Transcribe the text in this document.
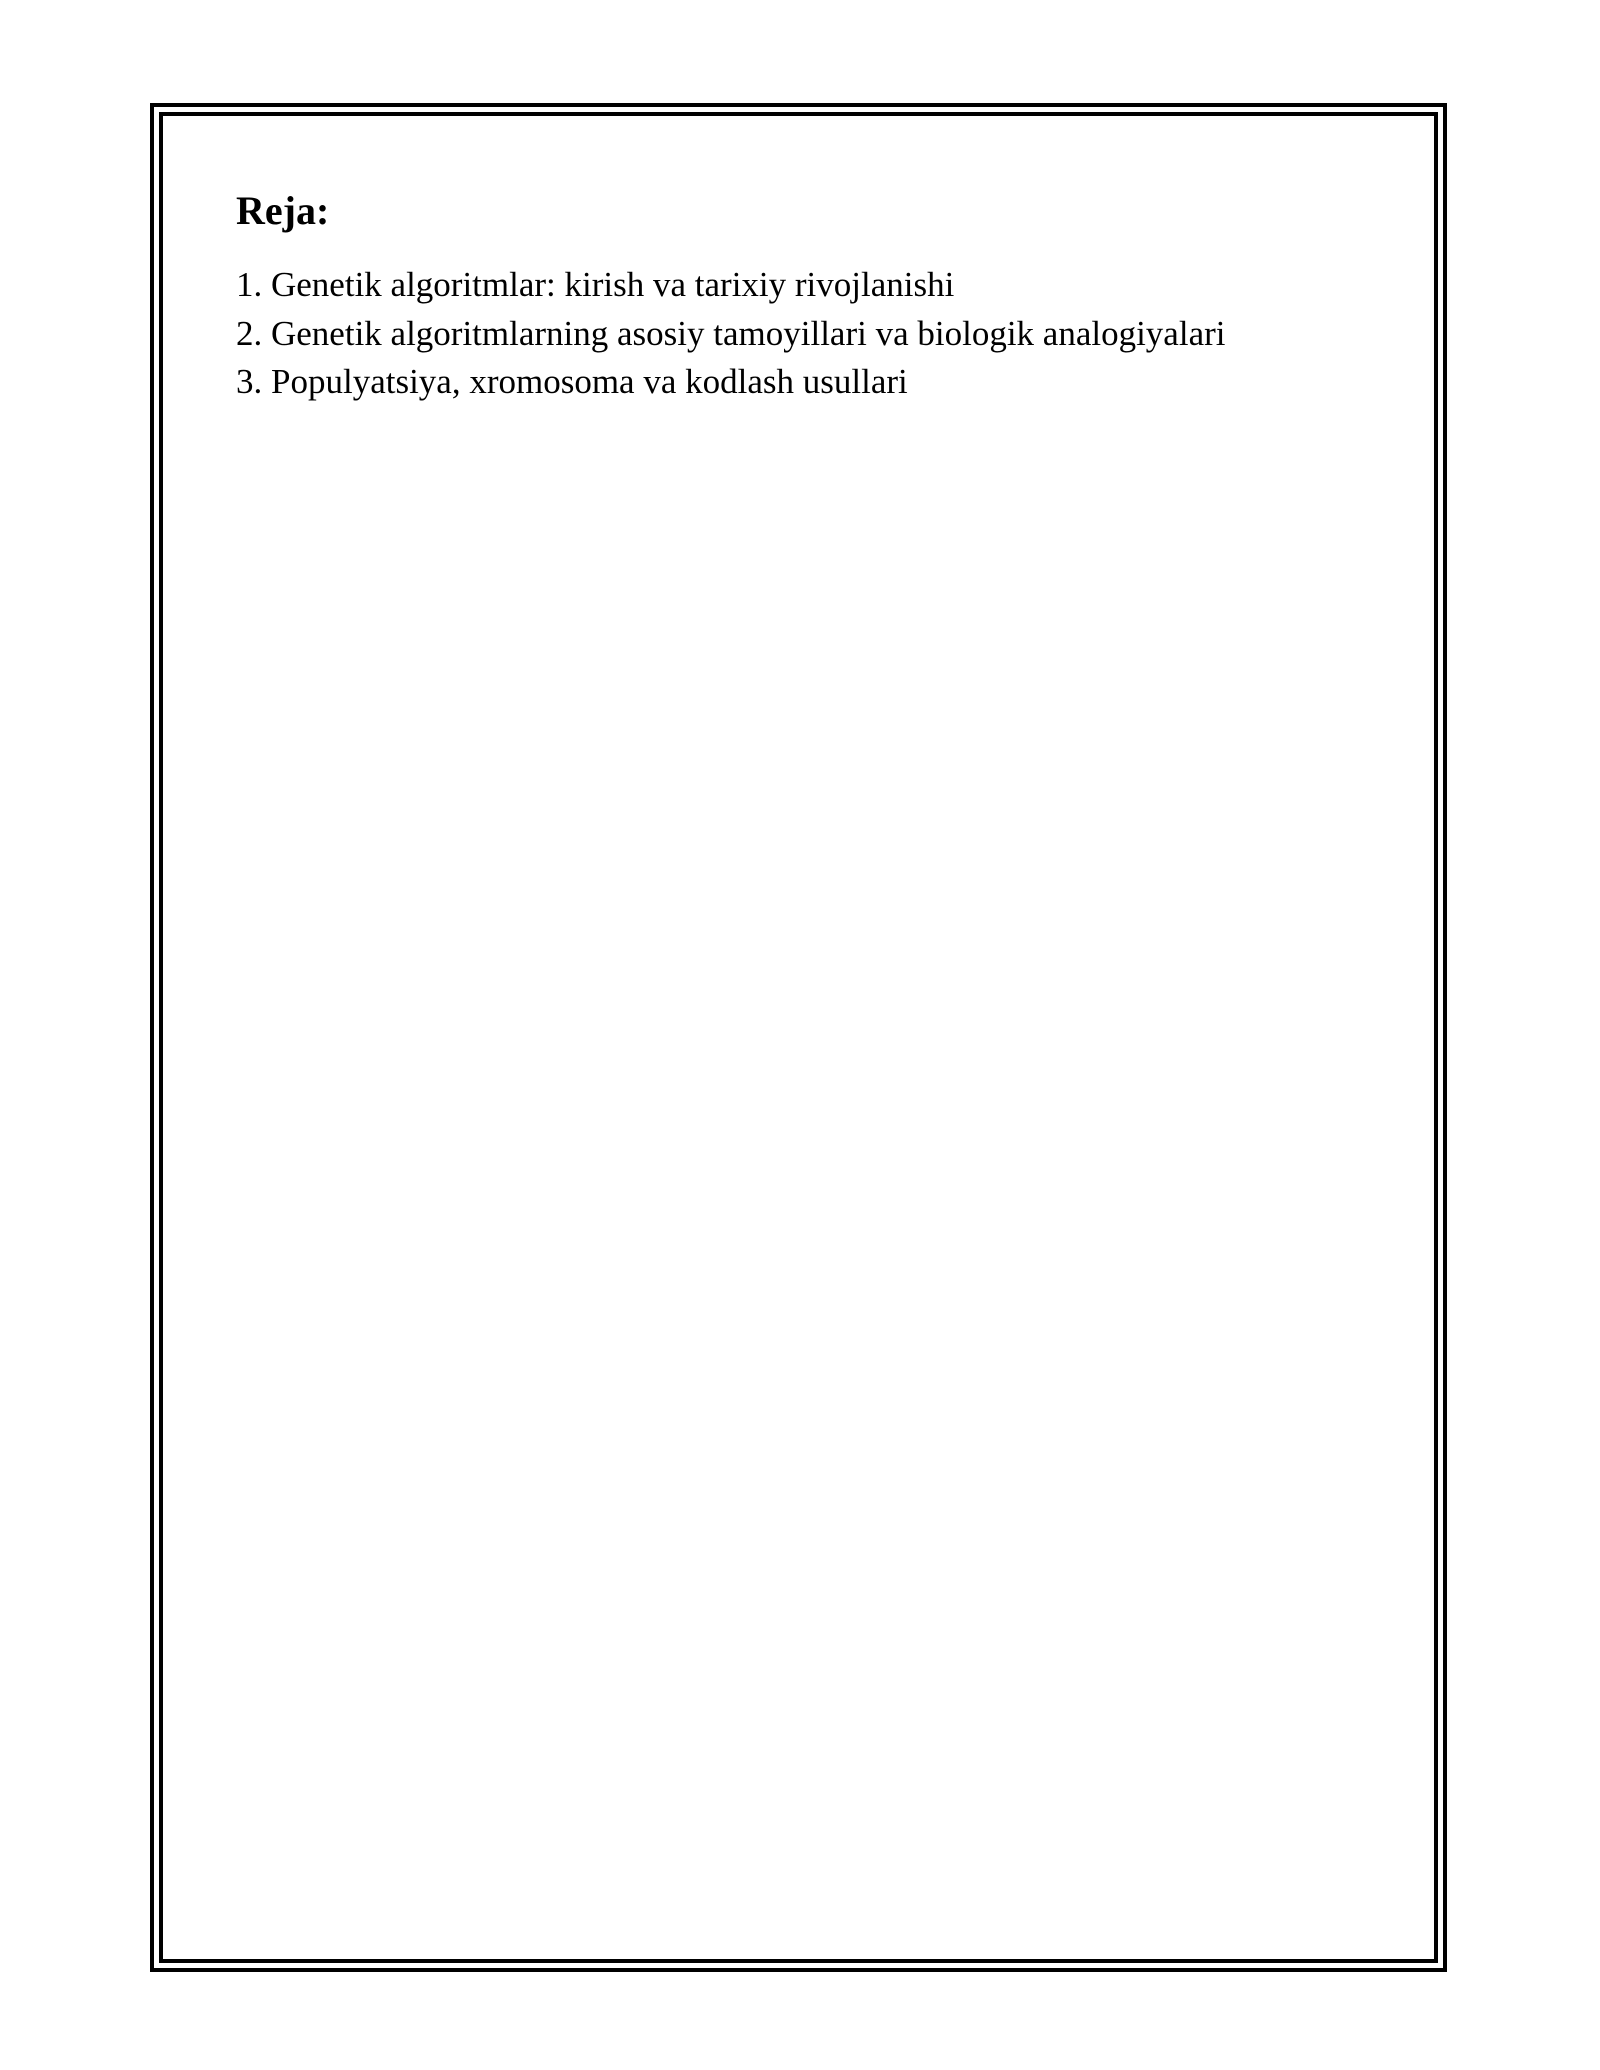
Reja:
1. Genetik algoritmlar: kirish va tarixiy rivojlanishi
2. Genetik algoritmlarning asosiy tamoyillari va biologik analogiyalari
3. Populyatsiya, xromosoma va kodlash usullari
